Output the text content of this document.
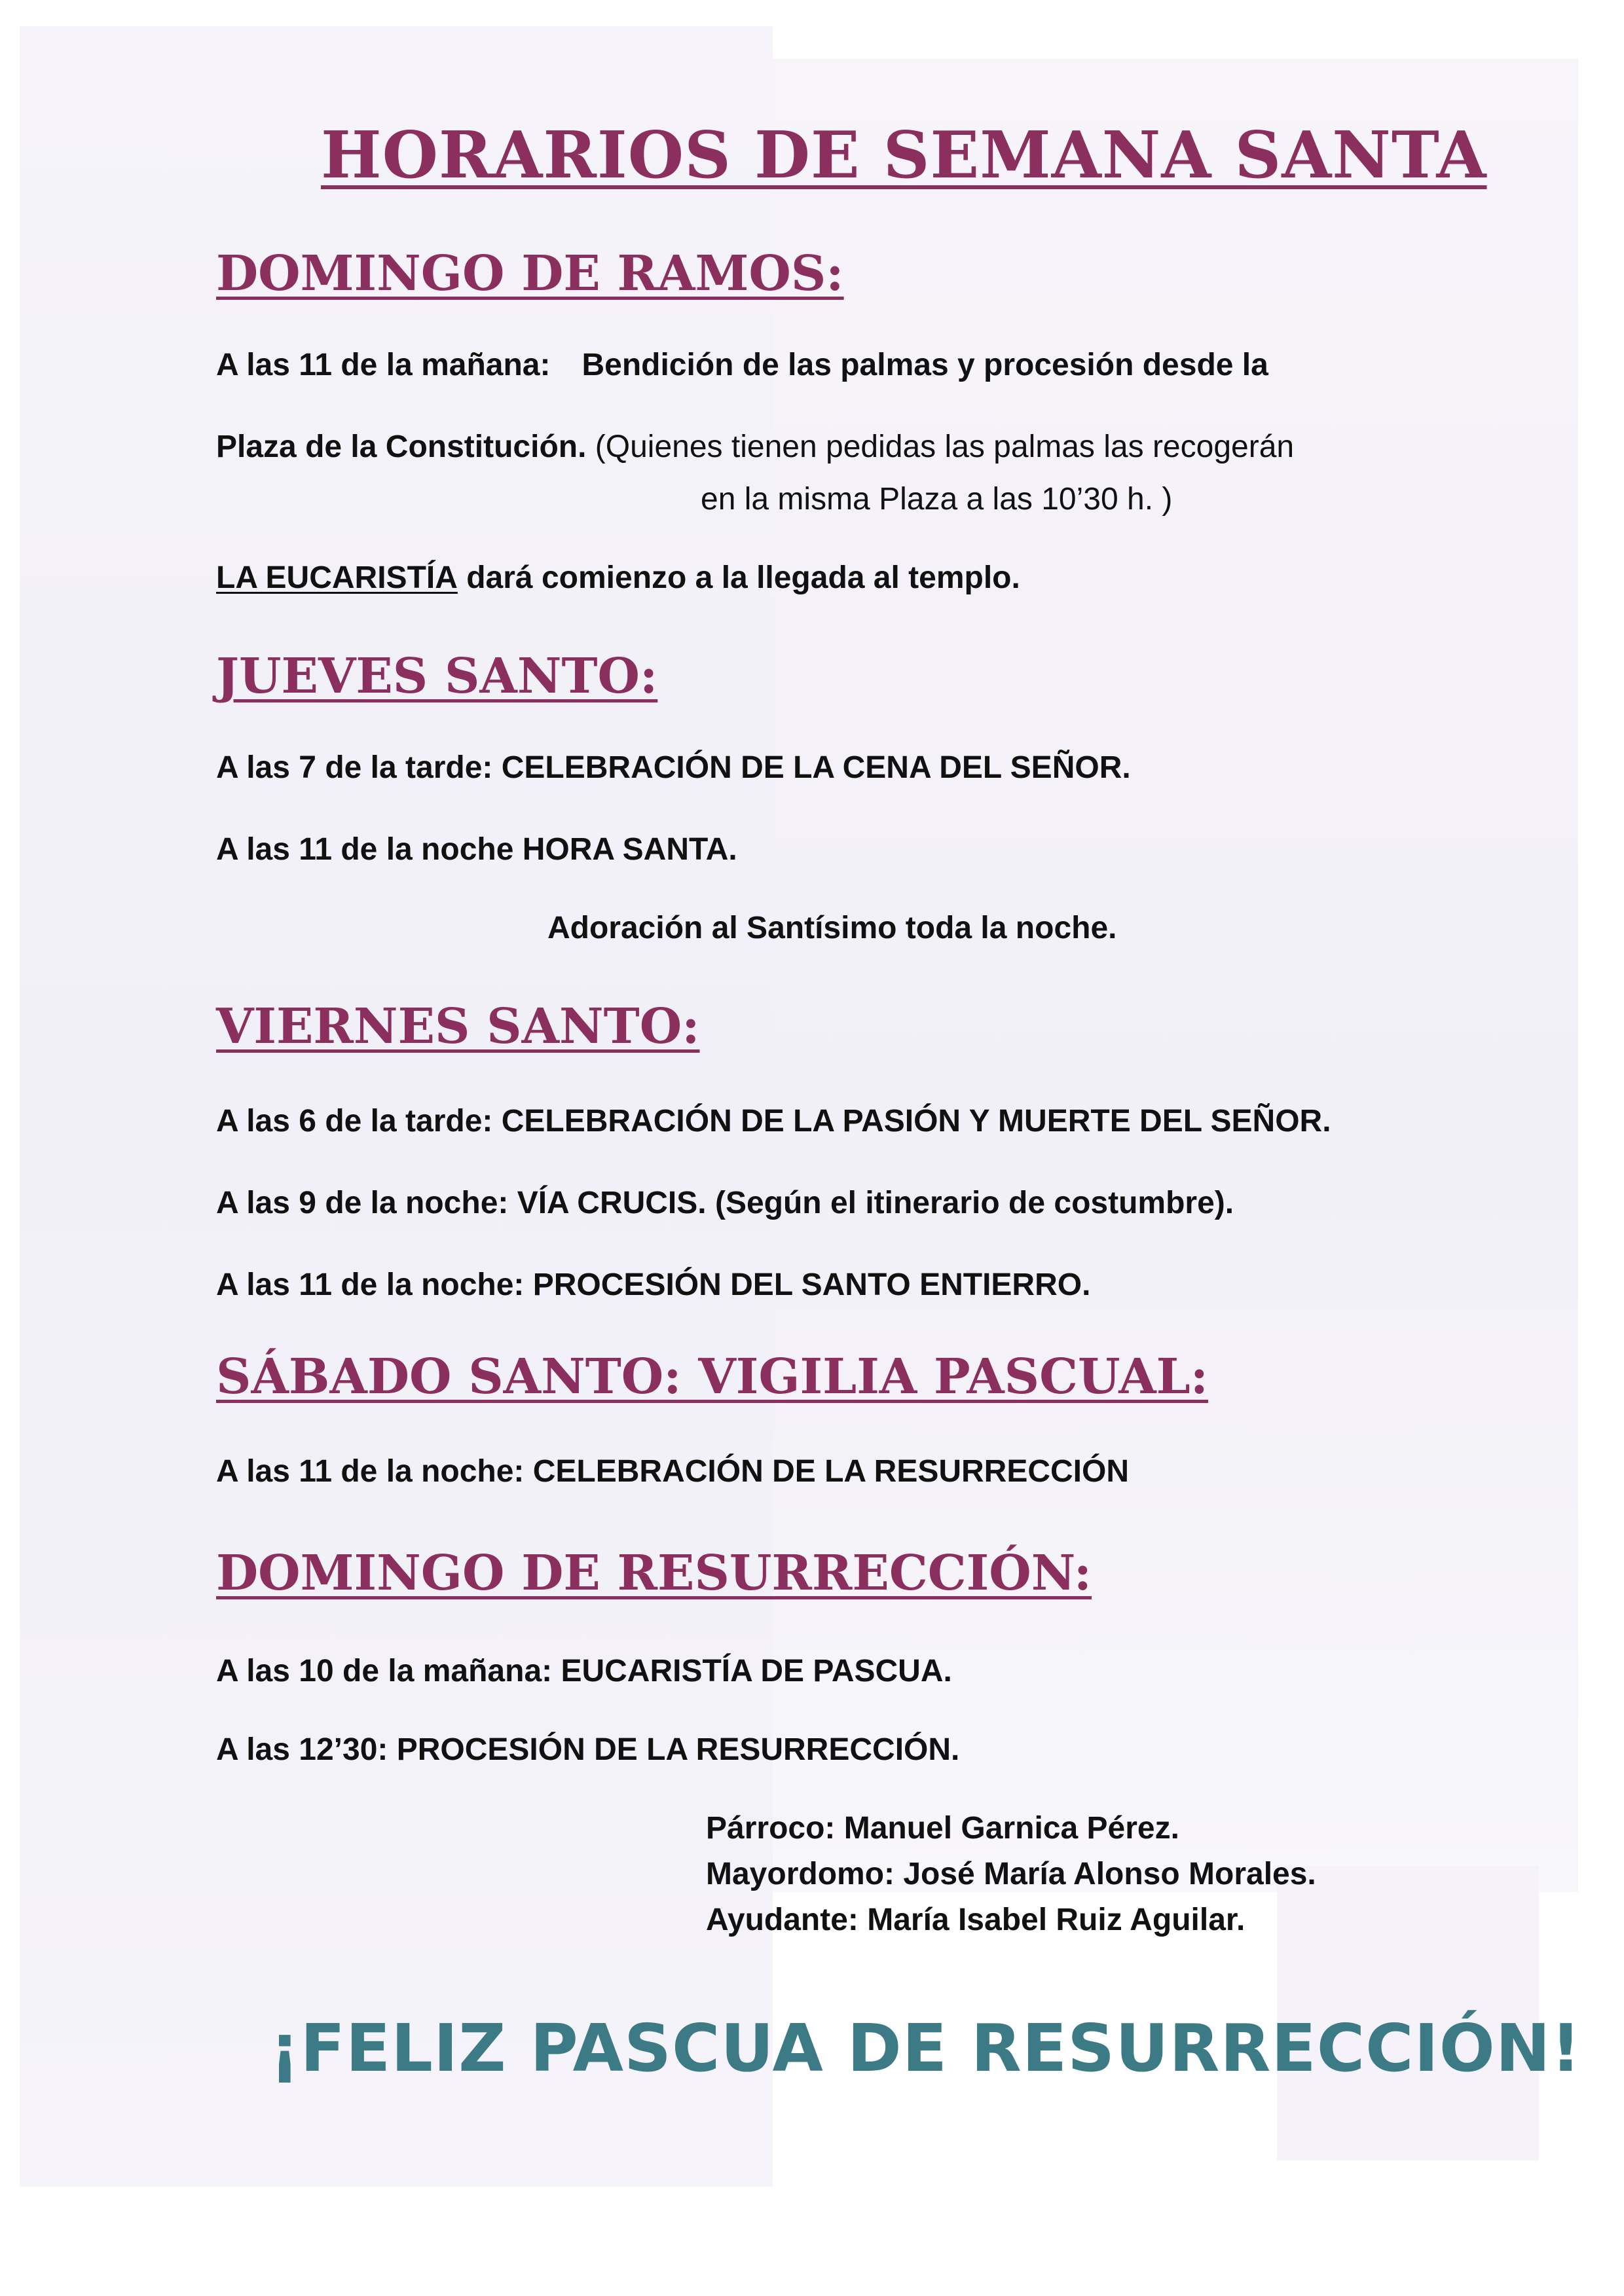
HORARIOS DE SEMANA SANTA
DOMINGO DE RAMOS:
A las 11 de la mañana: Bendición de las palmas y procesión desde la
Plaza de la Constitución. (Quienes tienen pedidas las palmas las recogerán
en la misma Plaza a las 10’30 h. )
LA EUCARISTÍA dará comienzo a la llegada al templo.
JUEVES SANTO:
A las 7 de la tarde: CELEBRACIÓN DE LA CENA DEL SEÑOR.
A las 11 de la noche HORA SANTA.
Adoración al Santísimo toda la noche.
VIERNES SANTO:
A las 6 de la tarde: CELEBRACIÓN DE LA PASIÓN Y MUERTE DEL SEÑOR.
A las 9 de la noche: VÍA CRUCIS. (Según el itinerario de costumbre).
A las 11 de la noche: PROCESIÓN DEL SANTO ENTIERRO.
SÁBADO SANTO: VIGILIA PASCUAL:
A las 11 de la noche: CELEBRACIÓN DE LA RESURRECCIÓN
DOMINGO DE RESURRECCIÓN:
A las 10 de la mañana: EUCARISTÍA DE PASCUA.
A las 12’30: PROCESIÓN DE LA RESURRECCIÓN.
Párroco: Manuel Garnica Pérez.
Mayordomo: José María Alonso Morales.
Ayudante: María Isabel Ruiz Aguilar.
¡FELIZ PASCUA DE RESURRECCIÓN!
